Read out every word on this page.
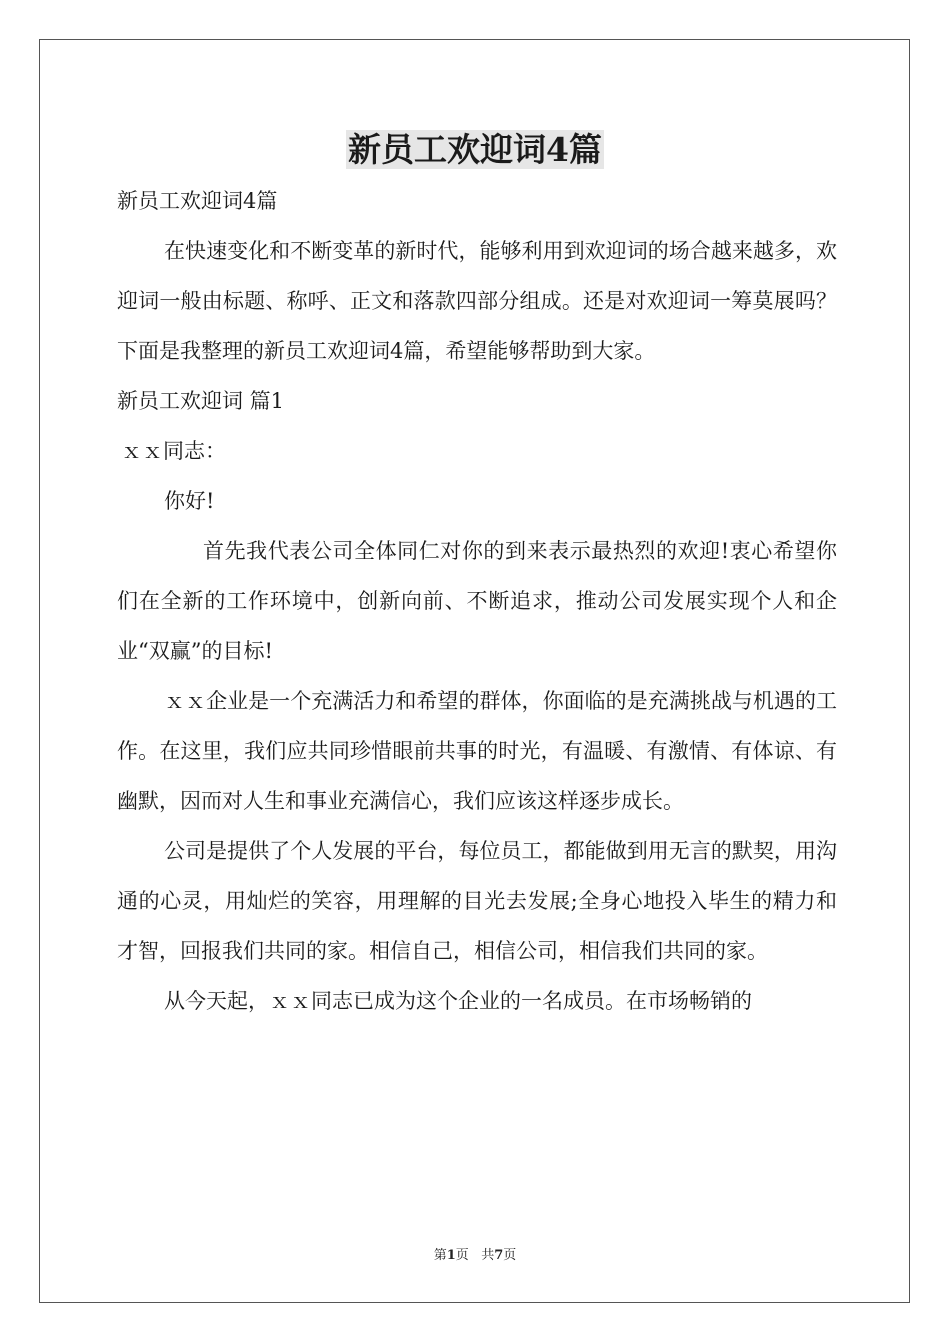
新员工欢迎词4篇

新员工欢迎词4篇

在快速变化和不断变革的新时代，能够利用到欢迎词的场合越来越多，欢迎词一般由标题、称呼、正文和落款四部分组成。还是对欢迎词一筹莫展吗？下面是我整理的新员工欢迎词4篇，希望能够帮助到大家。

新员工欢迎词 篇1

ｘｘ同志：

你好!

首先我代表公司全体同仁对你的到来表示最热烈的欢迎!衷心希望你们在全新的工作环境中，创新向前、不断追求，推动公司发展实现个人和企业“双赢”的目标!

ｘｘ企业是一个充满活力和希望的群体，你面临的是充满挑战与机遇的工作。在这里，我们应共同珍惜眼前共事的时光，有温暖、有激情、有体谅、有幽默，因而对人生和事业充满信心，我们应该这样逐步成长。

公司是提供了个人发展的平台，每位员工，都能做到用无言的默契，用沟通的心灵，用灿烂的笑容，用理解的目光去发展;全身心地投入毕生的精力和才智，回报我们共同的家。相信自己，相信公司，相信我们共同的家。

从今天起，ｘｘ同志已成为这个企业的一名成员。在市场畅销的

第1页 共7页
